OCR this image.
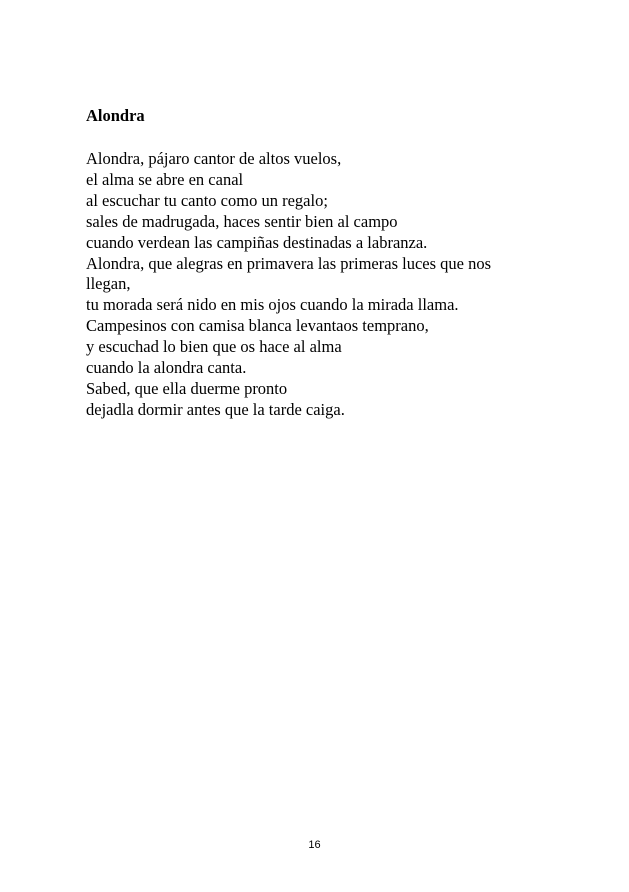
Alondra
Alondra, pájaro cantor de altos vuelos,
el alma se abre en canal
al escuchar tu canto como un regalo;
sales de madrugada, haces sentir bien al campo
cuando verdean las campiñas destinadas a labranza.
Alondra, que alegras en primavera las primeras luces que nos
llegan,
tu morada será nido en mis ojos cuando la mirada llama.
Campesinos con camisa blanca levantaos temprano,
y escuchad lo bien que os hace al alma
cuando la alondra canta.
Sabed, que ella duerme pronto
dejadla dormir antes que la tarde caiga.
16
